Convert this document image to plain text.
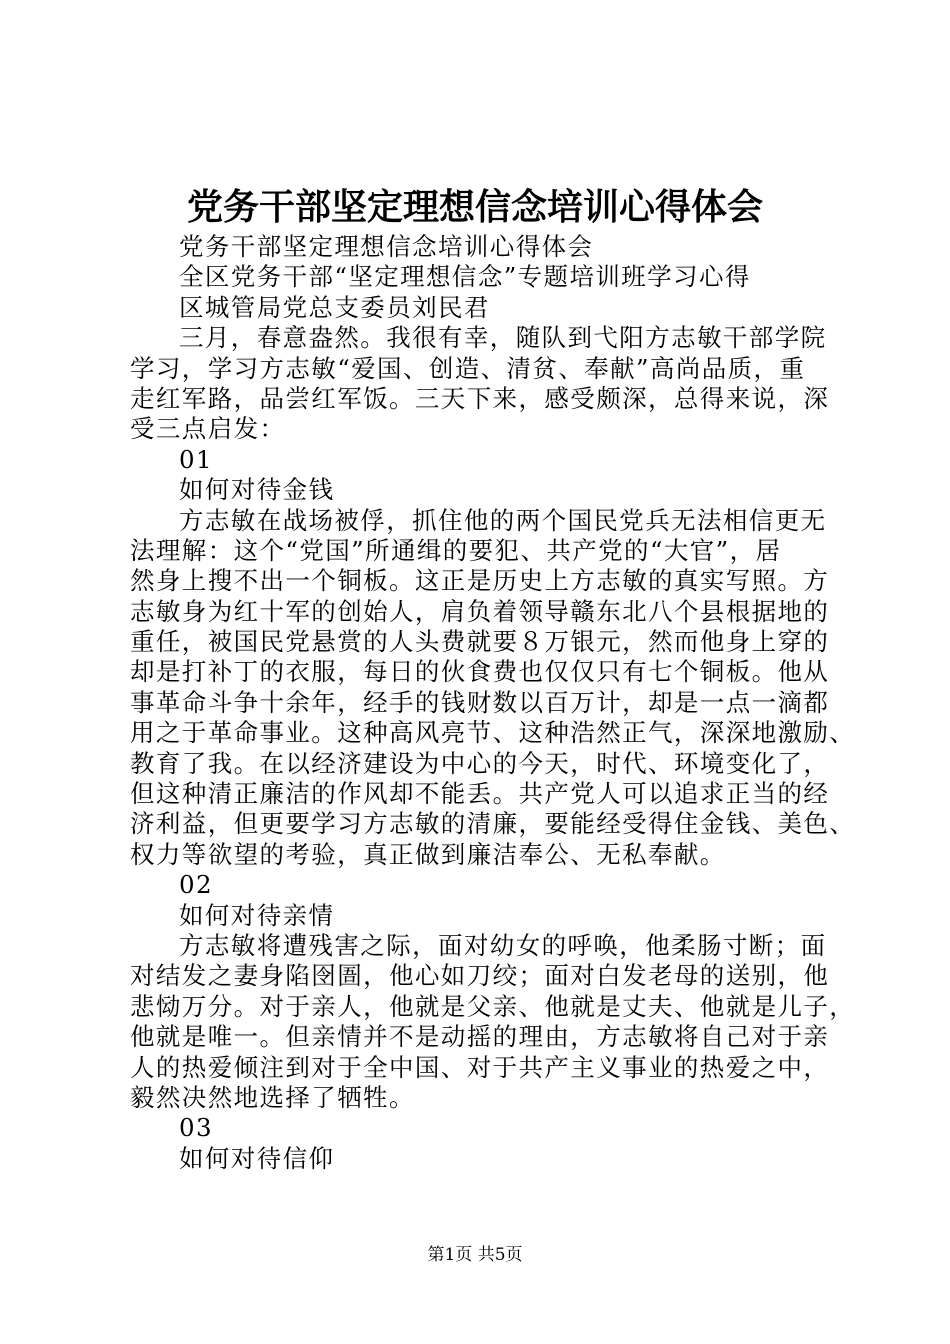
党务干部坚定理想信念培训心得体会
党务干部坚定理想信念培训心得体会
全区党务干部“坚定理想信念”专题培训班学习心得
区城管局党总支委员刘民君
三月，春意盎然。我很有幸，随队到弋阳方志敏干部学院
学习，学习方志敏“爱国、创造、清贫、奉献”高尚品质，重
走红军路，品尝红军饭。三天下来，感受颇深，总得来说，深
受三点启发：
01
如何对待金钱
方志敏在战场被俘，抓住他的两个国民党兵无法相信更无
法理解：这个“党国”所通缉的要犯、共产党的“大官”，居
然身上搜不出一个铜板。这正是历史上方志敏的真实写照。方
志敏身为红十军的创始人，肩负着领导赣东北八个县根据地的
重任，被国民党悬赏的人头费就要８万银元，然而他身上穿的
却是打补丁的衣服，每日的伙食费也仅仅只有七个铜板。他从
事革命斗争十余年，经手的钱财数以百万计，却是一点一滴都
用之于革命事业。这种高风亮节、这种浩然正气，深深地激励、
教育了我。在以经济建设为中心的今天，时代、环境变化了，
但这种清正廉洁的作风却不能丢。共产党人可以追求正当的经
济利益，但更要学习方志敏的清廉，要能经受得住金钱、美色、
权力等欲望的考验，真正做到廉洁奉公、无私奉献。
02
如何对待亲情
方志敏将遭残害之际，面对幼女的呼唤，他柔肠寸断；面
对结发之妻身陷囹圄，他心如刀绞；面对白发老母的送别，他
悲恸万分。对于亲人，他就是父亲、他就是丈夫、他就是儿子，
他就是唯一。但亲情并不是动摇的理由，方志敏将自己对于亲
人的热爱倾注到对于全中国、对于共产主义事业的热爱之中，
毅然决然地选择了牺牲。
03
如何对待信仰
第1页 共5页
